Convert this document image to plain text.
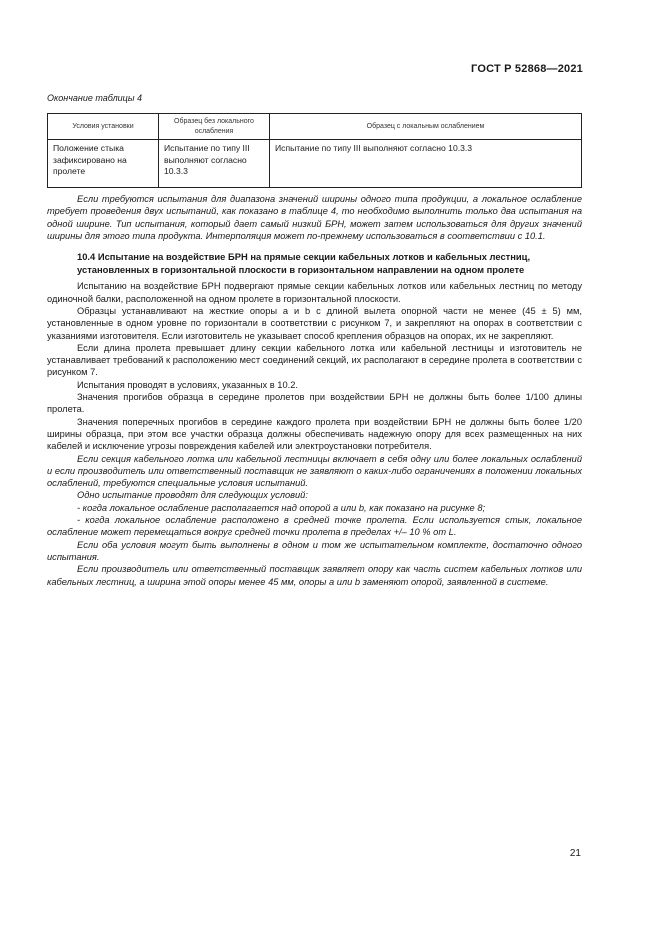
ГОСТ Р 52868—2021
Окончание таблицы 4
Условия установки	Образец без локального ослабления	Образец с локальным ослаблением
Положение стыка зафиксировано на пролете	Испытание по типу III выполняют согласно 10.3.3	Испытание по типу III выполняют согласно 10.3.3

Если требуются испытания для диапазона значений ширины одного типа продукции, а локальное ослабление требует проведения двух испытаний, как показано в таблице 4, то необходимо выполнить только два испытания на одной ширине. Тип испытания, который дает самый низкий БРН, может затем использоваться для других значений ширины для этого типа продукта. Интерполяция может по-прежнему использоваться в соответствии с 10.1.

10.4 Испытание на воздействие БРН на прямые секции кабельных лотков и кабельных лестниц, установленных в горизонтальной плоскости в горизонтальном направлении на одном пролете

Испытанию на воздействие БРН подвергают прямые секции кабельных лотков или кабельных лестниц по методу одиночной балки, расположенной на одном пролете в горизонтальной плоскости.

Образцы устанавливают на жесткие опоры a и b с длиной вылета опорной части не менее (45 ± 5) мм, установленные в одном уровне по горизонтали в соответствии с рисунком 7, и закрепляют на опорах в соответствии с указаниями изготовителя. Если изготовитель не указывает способ крепления образцов на опорах, их не закрепляют.

Если длина пролета превышает длину секции кабельного лотка или кабельной лестницы и изготовитель не устанавливает требований к расположению мест соединений секций, их располагают в середине пролета в соответствии с рисунком 7.

Испытания проводят в условиях, указанных в 10.2.

Значения прогибов образца в середине пролетов при воздействии БРН не должны быть более 1/100 длины пролета.

Значения поперечных прогибов в середине каждого пролета при воздействии БРН не должны быть более 1/20 ширины образца, при этом все участки образца должны обеспечивать надежную опору для всех размещенных на них кабелей и исключение угрозы повреждения кабелей или электроустановки потребителя.

Если секция кабельного лотка или кабельной лестницы включает в себя одну или более локальных ослаблений и если производитель или ответственный поставщик не заявляют о каких-либо ограничениях в положении локальных ослаблений, требуются специальные условия испытаний.

Одно испытание проводят для следующих условий:

- когда локальное ослабление располагается над опорой a или b, как показано на рисунке 8;

- когда локальное ослабление расположено в средней точке пролета. Если используется стык, локальное ослабление может перемещаться вокруг средней точки пролета в пределах +/– 10 % от L.

Если оба условия могут быть выполнены в одном и том же испытательном комплекте, достаточно одного испытания.

Если производитель или ответственный поставщик заявляет опору как часть систем кабельных лотков или кабельных лестниц, а ширина этой опоры менее 45 мм, опоры a или b заменяют опорой, заявленной в системе.

21
